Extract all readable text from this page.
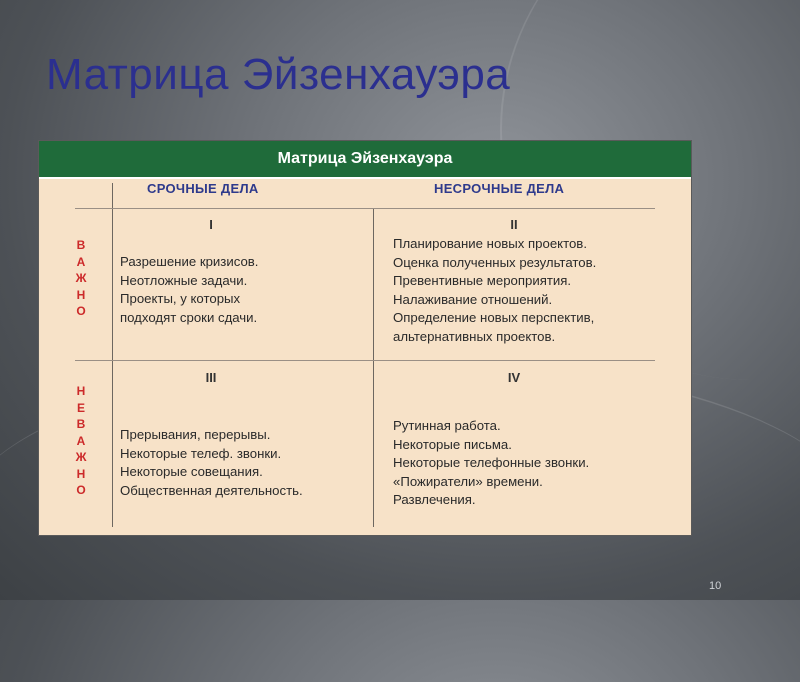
Матрица Эйзенхауэра
Матрица Эйзенхауэра
СРОЧНЫЕ ДЕЛА	НЕСРОЧНЫЕ ДЕЛА
В
А
Ж
Н
О
Н
Е
В
А
Ж
Н
О
I
Разрешение кризисов.
Неотложные задачи.
Проекты, у которых
подходят сроки сдачи.
II
Планирование новых проектов.
Оценка полученных результатов.
Превентивные мероприятия.
Налаживание отношений.
Определение новых перспектив,
альтернативных проектов.
III
Прерывания, перерывы.
Некоторые телеф. звонки.
Некоторые совещания.
Общественная деятельность.
IV
Рутинная работа.
Некоторые письма.
Некоторые телефонные звонки.
«Пожиратели» времени.
Развлечения.
10
